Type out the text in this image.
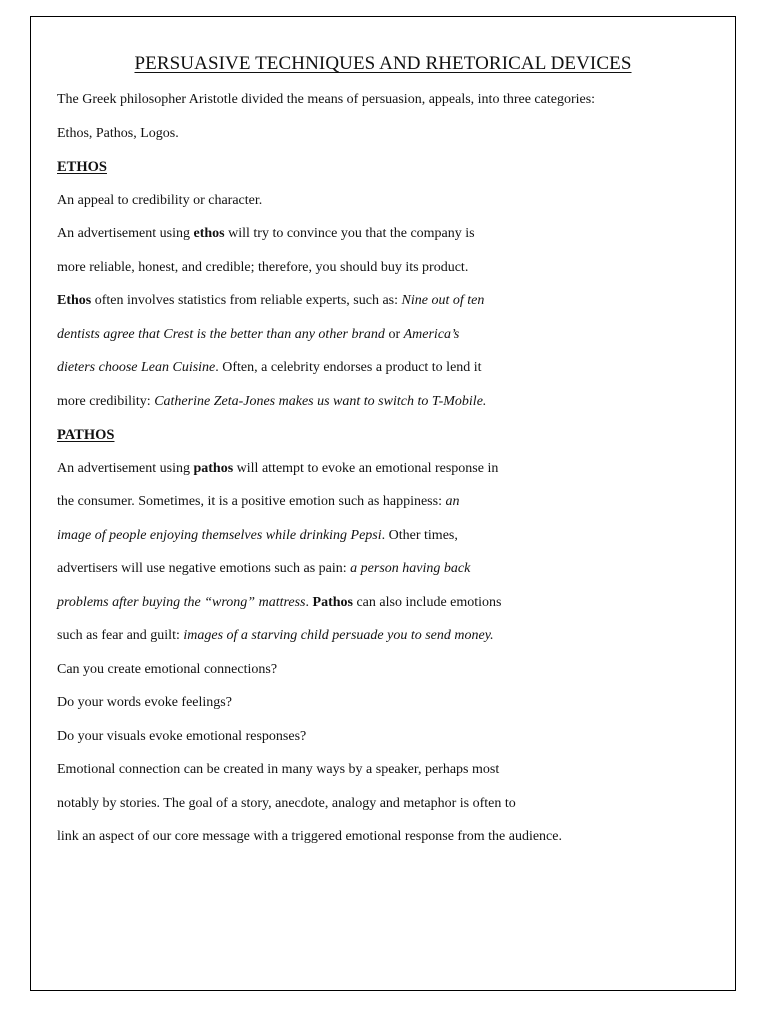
PERSUASIVE TECHNIQUES AND RHETORICAL DEVICES
The Greek philosopher Aristotle divided the means of persuasion, appeals, into three categories:
Ethos, Pathos, Logos.
ETHOS
An appeal to credibility or character.
An advertisement using ethos will try to convince you that the company is
more reliable, honest, and credible; therefore, you should buy its product.
Ethos often involves statistics from reliable experts, such as: Nine out of ten
dentists agree that Crest is the better than any other brand or America’s
dieters choose Lean Cuisine. Often, a celebrity endorses a product to lend it
more credibility: Catherine Zeta-Jones makes us want to switch to T-Mobile.
PATHOS
An advertisement using pathos will attempt to evoke an emotional response in
the consumer. Sometimes, it is a positive emotion such as happiness: an
image of people enjoying themselves while drinking Pepsi. Other times,
advertisers will use negative emotions such as pain: a person having back
problems after buying the “wrong” mattress. Pathos can also include emotions
such as fear and guilt: images of a starving child persuade you to send money.
Can you create emotional connections?
Do your words evoke feelings?
Do your visuals evoke emotional responses?
Emotional connection can be created in many ways by a speaker, perhaps most
notably by stories. The goal of a story, anecdote, analogy and metaphor is often to
link an aspect of our core message with a triggered emotional response from the audience.
